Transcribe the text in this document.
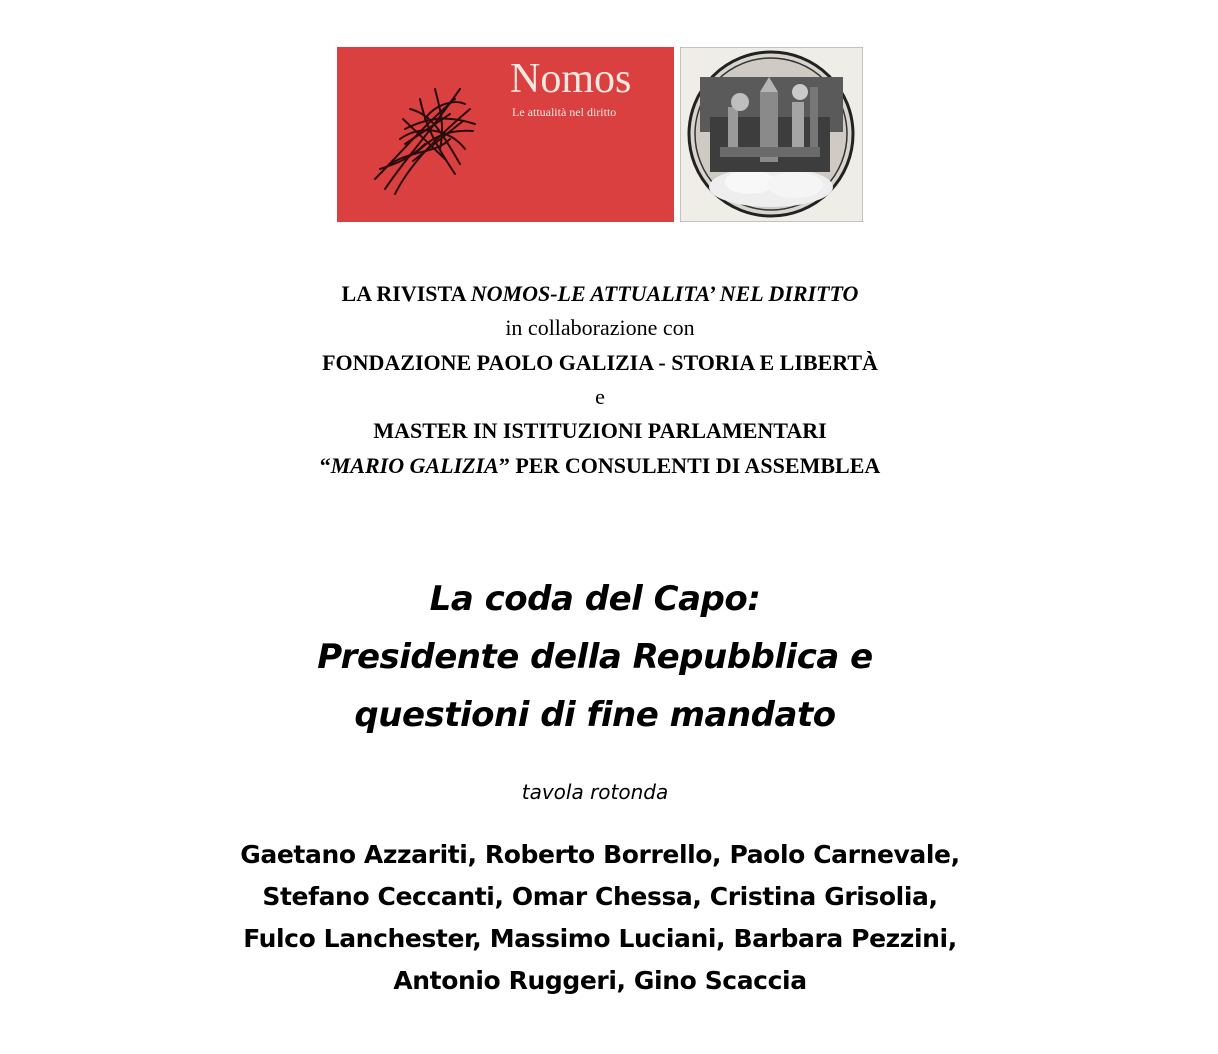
Nomos
Le attualità nel diritto
LA RIVISTA NOMOS-LE ATTUALITA’ NEL DIRITTO
in collaborazione con
FONDAZIONE PAOLO GALIZIA - STORIA E LIBERTÀ
e
MASTER IN ISTITUZIONI PARLAMENTARI
“MARIO GALIZIA” PER CONSULENTI DI ASSEMBLEA
La coda del Capo:
Presidente della Repubblica e
questioni di fine mandato
tavola rotonda
Gaetano Azzariti, Roberto Borrello, Paolo Carnevale,
Stefano Ceccanti, Omar Chessa, Cristina Grisolia,
Fulco Lanchester, Massimo Luciani, Barbara Pezzini,
Antonio Ruggeri, Gino Scaccia
